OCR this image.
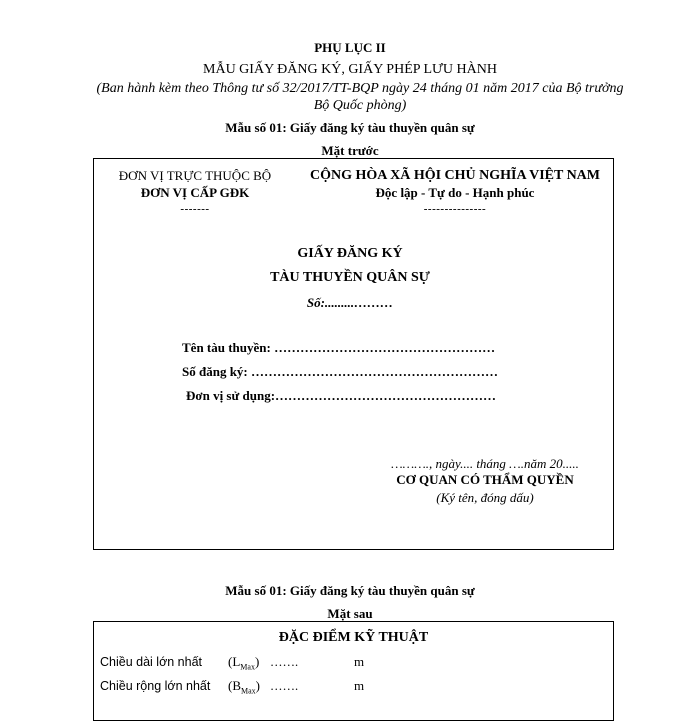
PHỤ LỤC II
MẪU GIẤY ĐĂNG KÝ, GIẤY PHÉP LƯU HÀNH
(Ban hành kèm theo Thông tư số 32/2017/TT-BQP ngày 24 tháng 01 năm 2017 của Bộ trưởng Bộ Quốc phòng)
Mẫu số 01: Giấy đăng ký tàu thuyền quân sự
Mặt trước
ĐƠN VỊ TRỰC THUỘC BỘ
ĐƠN VỊ CẤP GĐK
-------
CỘNG HÒA XÃ HỘI CHỦ NGHĨA VIỆT NAM
Độc lập - Tự do - Hạnh phúc
---------------
GIẤY ĐĂNG KÝ
TÀU THUYỀN QUÂN SỰ
Số:.........………
Tên tàu thuyền: ……………………………………………
Số đăng ký: …………………………………………………
Đơn vị sử dụng:……………………………………………
………., ngày.... tháng ….năm 20.....
CƠ QUAN CÓ THẨM QUYỀN
(Ký tên, đóng dấu)
Mẫu số 01: Giấy đăng ký tàu thuyền quân sự
Mặt sau
ĐẶC ĐIỂM KỸ THUẬT
Chiều dài lớn nhất $(L_{Max})$ …….	m
Chiều rộng lớn nhất $(B_{Max})$ …….	m
